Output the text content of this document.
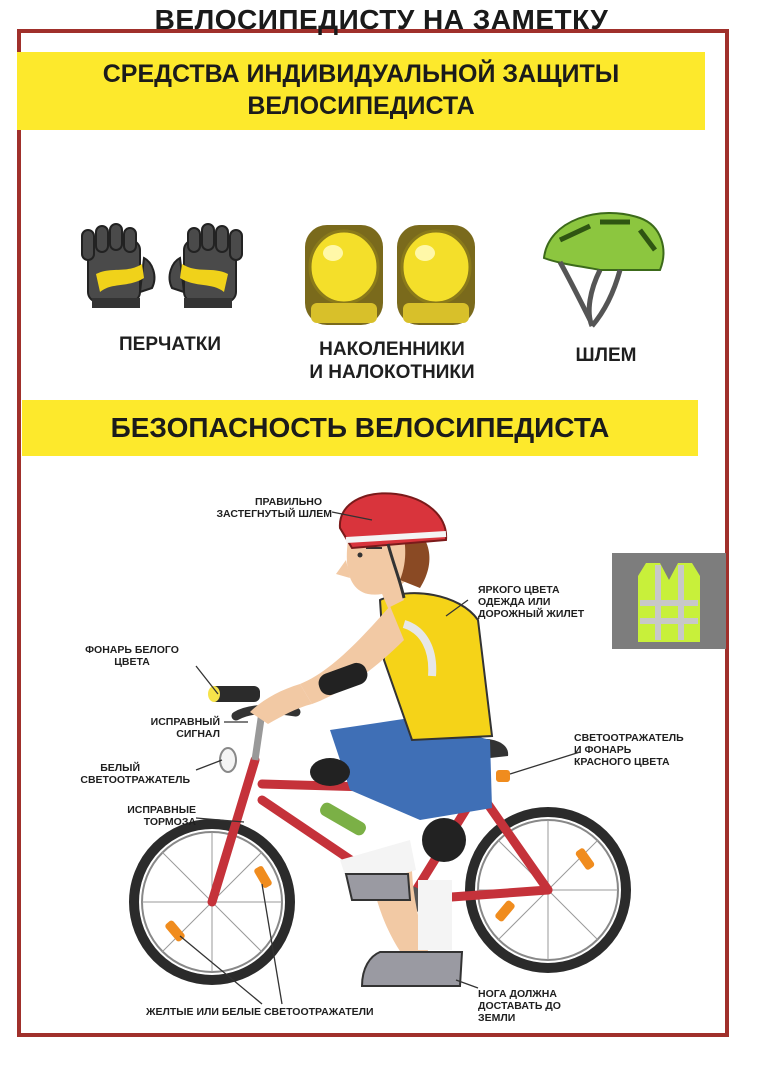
ВЕЛОСИПЕДИСТУ НА ЗАМЕТКУ
СРЕДСТВА ИНДИВИДУАЛЬНОЙ ЗАЩИТЫ
ВЕЛОСИПЕДИСТА
ПЕРЧАТКИ	НАКОЛЕННИКИ
И НАЛОКОТНИКИ
ШЛЕМ
БЕЗОПАСНОСТЬ ВЕЛОСИПЕДИСТА
ПРАВИЛЬНО
ЗАСТЕГНУТЫЙ ШЛЕМ
ЯРКОГО ЦВЕТА
ОДЕЖДА ИЛИ
ДОРОЖНЫЙ ЖИЛЕТ
ФОНАРЬ БЕЛОГО
ЦВЕТА
ИСПРАВНЫЙ
СИГНАЛ
БЕЛЫЙ
СВЕТООТРАЖАТЕЛЬ
ИСПРАВНЫЕ
ТОРМОЗА
СВЕТООТРАЖАТЕЛЬ
И ФОНАРЬ
КРАСНОГО ЦВЕТА
ЖЕЛТЫЕ ИЛИ БЕЛЫЕ СВЕТООТРАЖАТЕЛИ
НОГА ДОЛЖНА
ДОСТАВАТЬ ДО
ЗЕМЛИ
